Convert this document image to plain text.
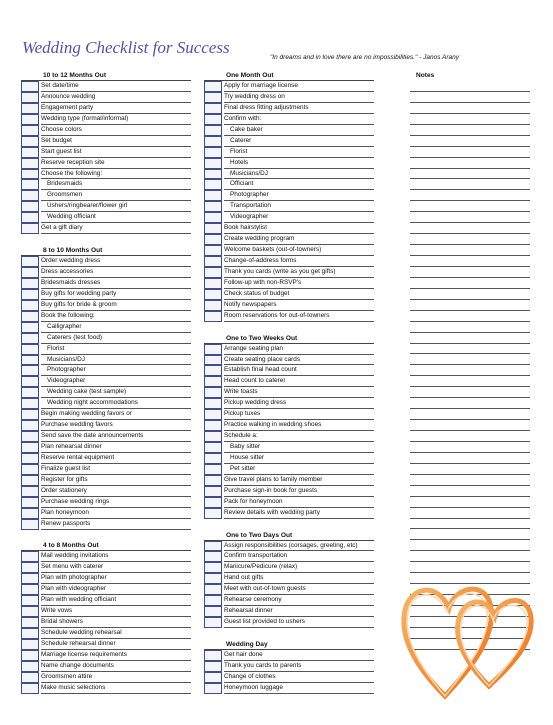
Wedding Checklist for Success
"In dreams and in love there are no impossibilities." - Janos Arany
10 to 12 Months Out
Set date/time
Announce wedding
Engagement party
Wedding type (formal/informal)
Choose colors
Set budget
Start guest list
Reserve reception site
Choose the following:
Bridesmaids
Groomsmen
Ushers/ringbearer/flower girl
Wedding officiant
Get a gift diary
8 to 10 Months Out
Order wedding dress
Dress accessories
Bridesmaids dresses
Buy gifts for wedding party
Buy gifts for bride & groom
Book the following:
Calligrapher
Caterers (test food)
Florist
Musicians/DJ
Photographer
Videographer
Wedding cake (test sample)
Wedding night accommodations
Begin making wedding favors or
Purchase wedding favors
Send save the date announcements
Plan rehearsal dinner
Reserve rental equipment
Finalize guest list
Register for gifts
Order stationery
Purchase wedding rings
Plan honeymoon
Renew passports
4 to 8 Months Out
Mail wedding invitations
Set menu with caterer
Plan with photographer
Plan with videographer
Plan with wedding officiant
Write vows
Bridal showers
Schedule wedding rehearsal
Schedule rehearsal dinner
Marriage license requirements
Name change documents
Groomsmen attire
Make music selections
One Month Out
Apply for marriage license
Try wedding dress on
Final dress fitting adjustments
Confirm with:
Cake baker
Caterer
Florist
Hotels
Musicians/DJ
Officiant
Photographer
Transportation
Videographer
Book hairstylist
Create wedding program
Welcome baskets (out-of-towners)
Change-of-address forms
Thank you cards (write as you get gifts)
Follow-up with non-RSVP's
Check status of budget
Notify newspapers
Room reservations for out-of-towners
One to Two Weeks Out
Arrange seating plan
Create seating place cards
Establish final head count
Head count to caterer
Write toasts
Pickup wedding dress
Pickup tuxes
Practice walking in wedding shoes
Schedule a:
Baby sitter
House sitter
Pet sitter
Give travel plans to family member
Purchase sign-in book for guests
Pack for honeymoon
Review details with wedding party
One to Two Days Out
Assign responsibilities (corsages, greeting, etc)
Confirm transportation
Manicure/Pedicure (relax)
Hand out gifts
Meet with out-of-town guests
Rehearse ceremony
Rehearsal dinner
Guest list provided to ushers
Wedding Day
Get hair done
Thank you cards to parents
Change of clothes
Honeymoon luggage
Notes
